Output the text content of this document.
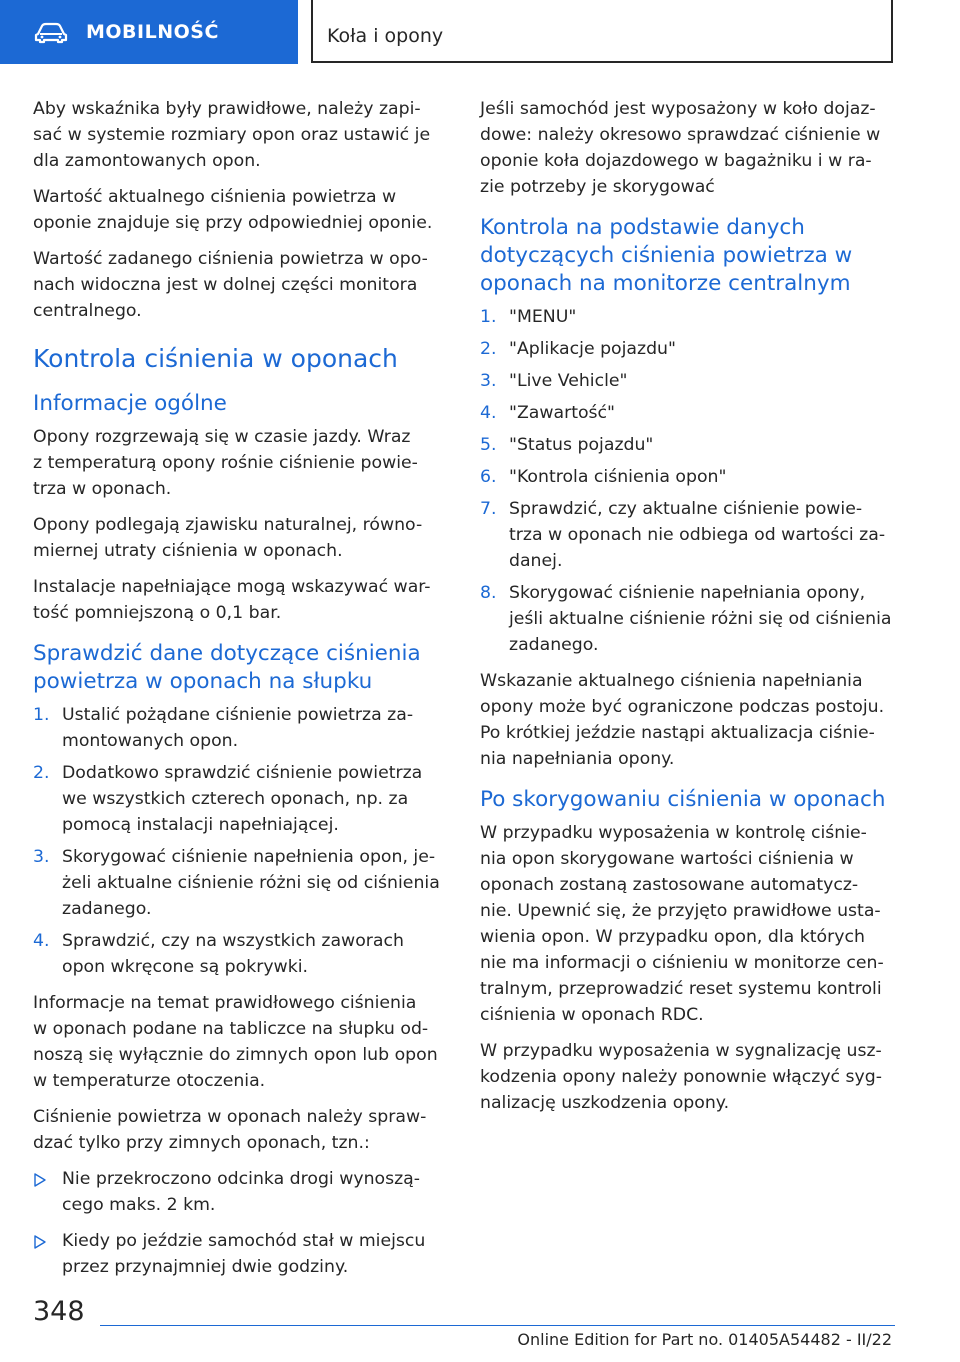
MOBILNOŚĆ	Koła i opony

Aby wskaźnika były prawidłowe, należy zapi-
sać w systemie rozmiary opon oraz ustawić je
dla zamontowanych opon.

Wartość aktualnego ciśnienia powietrza w
oponie znajduje się przy odpowiedniej oponie.

Wartość zadanego ciśnienia powietrza w opo-
nach widoczna jest w dolnej części monitora
centralnego.

Kontrola ciśnienia w oponach
Informacje ogólne

Opony rozgrzewają się w czasie jazdy. Wraz
z temperaturą opony rośnie ciśnienie powie-
trza w oponach.

Opony podlegają zjawisku naturalnej, równo-
miernej utraty ciśnienia w oponach.

Instalacje napełniające mogą wskazywać war-
tość pomniejszoną o 0,1 bar.

Sprawdzić dane dotyczące ciśnienia
powietrza w oponach na słupku
1. Ustalić pożądane ciśnienie powietrza za-
montowanych opon.
2. Dodatkowo sprawdzić ciśnienie powietrza
we wszystkich czterech oponach, np. za
pomocą instalacji napełniającej.
3. Skorygować ciśnienie napełnienia opon, je-
żeli aktualne ciśnienie różni się od ciśnienia
zadanego.
4. Sprawdzić, czy na wszystkich zaworach
opon wkręcone są pokrywki.

Informacje na temat prawidłowego ciśnienia
w oponach podane na tabliczce na słupku od-
noszą się wyłącznie do zimnych opon lub opon
w temperaturze otoczenia.

Ciśnienie powietrza w oponach należy spraw-
dzać tylko przy zimnych oponach, tzn.:

Nie przekroczono odcinka drogi wynoszą-
cego maks. 2 km.
Kiedy po jeździe samochód stał w miejscu
przez przynajmniej dwie godziny.

Jeśli samochód jest wyposażony w koło dojaz-
dowe: należy okresowo sprawdzać ciśnienie w
oponie koła dojazdowego w bagażniku i w ra-
zie potrzeby je skorygować

Kontrola na podstawie danych
dotyczących ciśnienia powietrza w
oponach na monitorze centralnym
1. "MENU"
2. "Aplikacje pojazdu"
3. "Live Vehicle"
4. "Zawartość"
5. "Status pojazdu"
6. "Kontrola ciśnienia opon"
7. Sprawdzić, czy aktualne ciśnienie powie-
trza w oponach nie odbiega od wartości za-
danej.
8. Skorygować ciśnienie napełniania opony,
jeśli aktualne ciśnienie różni się od ciśnienia
zadanego.

Wskazanie aktualnego ciśnienia napełniania
opony może być ograniczone podczas postoju.
Po krótkiej jeździe nastąpi aktualizacja ciśnie-
nia napełniania opony.

Po skorygowaniu ciśnienia w oponach

W przypadku wyposażenia w kontrolę ciśnie-
nia opon skorygowane wartości ciśnienia w
oponach zostaną zastosowane automatycz-
nie. Upewnić się, że przyjęto prawidłowe usta-
wienia opon. W przypadku opon, dla których
nie ma informacji o ciśnieniu w monitorze cen-
tralnym, przeprowadzić reset systemu kontroli
ciśnienia w oponach RDC.

W przypadku wyposażenia w sygnalizację usz-
kodzenia opony należy ponownie włączyć syg-
nalizację uszkodzenia opony.

348
Online Edition for Part no. 01405A54482 - II/22
